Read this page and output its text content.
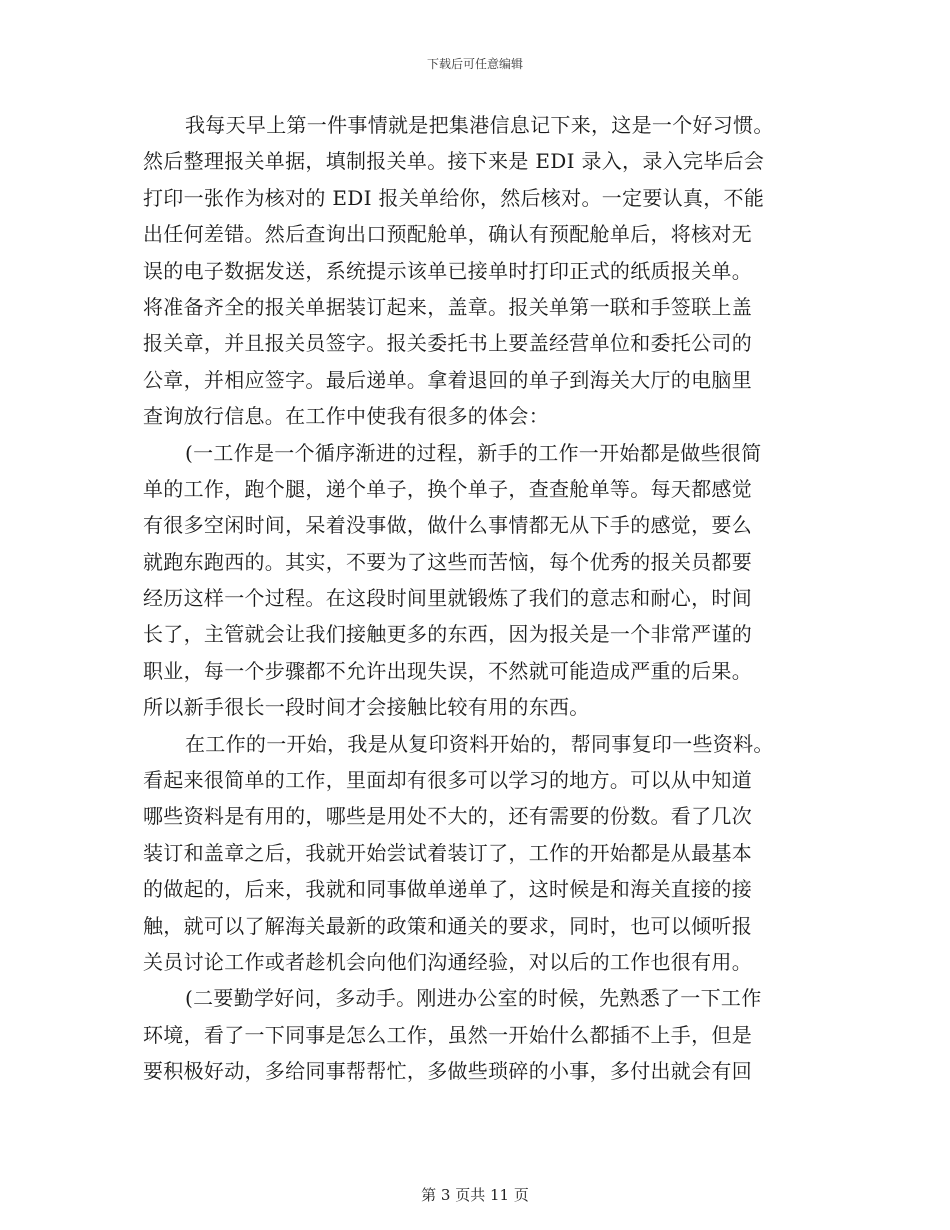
下载后可任意编辑
我每天早上第一件事情就是把集港信息记下来，这是一个好习惯。
然后整理报关单据，填制报关单。接下来是 EDI 录入，录入完毕后会
打印一张作为核对的 EDI 报关单给你，然后核对。一定要认真，不能
出任何差错。然后查询出口预配舱单，确认有预配舱单后，将核对无
误的电子数据发送，系统提示该单已接单时打印正式的纸质报关单。
将准备齐全的报关单据装订起来，盖章。报关单第一联和手签联上盖
报关章，并且报关员签字。报关委托书上要盖经营单位和委托公司的
公章，并相应签字。最后递单。拿着退回的单子到海关大厅的电脑里
查询放行信息。在工作中使我有很多的体会：
(一工作是一个循序渐进的过程，新手的工作一开始都是做些很简
单的工作，跑个腿，递个单子，换个单子，查查舱单等。每天都感觉
有很多空闲时间，呆着没事做，做什么事情都无从下手的感觉，要么
就跑东跑西的。其实，不要为了这些而苦恼，每个优秀的报关员都要
经历这样一个过程。在这段时间里就锻炼了我们的意志和耐心，时间
长了，主管就会让我们接触更多的东西，因为报关是一个非常严谨的
职业，每一个步骤都不允许出现失误，不然就可能造成严重的后果。
所以新手很长一段时间才会接触比较有用的东西。
在工作的一开始，我是从复印资料开始的，帮同事复印一些资料。
看起来很简单的工作，里面却有很多可以学习的地方。可以从中知道
哪些资料是有用的，哪些是用处不大的，还有需要的份数。看了几次
装订和盖章之后，我就开始尝试着装订了，工作的开始都是从最基本
的做起的，后来，我就和同事做单递单了，这时候是和海关直接的接
触，就可以了解海关最新的政策和通关的要求，同时，也可以倾听报
关员讨论工作或者趁机会向他们沟通经验，对以后的工作也很有用。
(二要勤学好问，多动手。刚进办公室的时候，先熟悉了一下工作
环境，看了一下同事是怎么工作，虽然一开始什么都插不上手，但是
要积极好动，多给同事帮帮忙，多做些琐碎的小事，多付出就会有回
第 3 页共 11 页
